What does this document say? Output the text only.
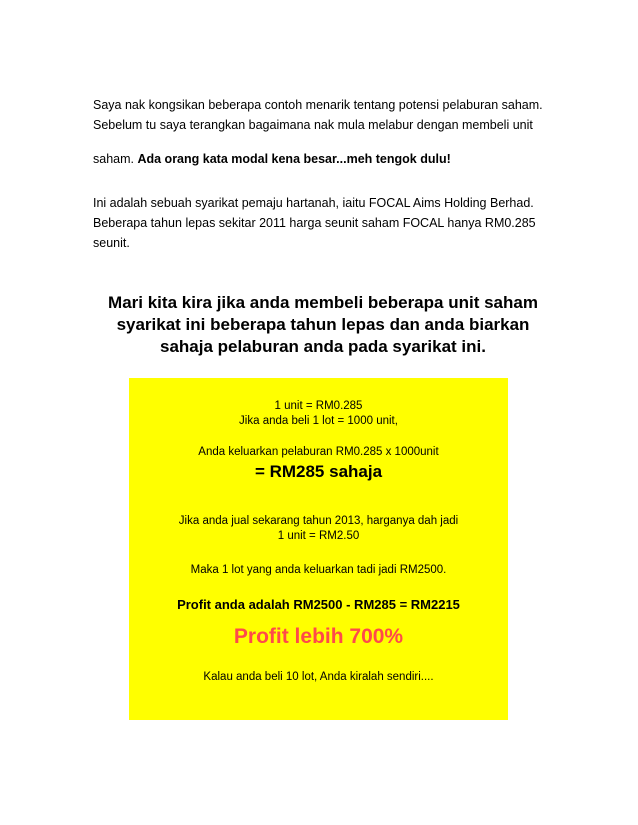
Saya nak kongsikan beberapa contoh menarik tentang potensi pelaburan saham.
Sebelum tu saya terangkan bagaimana nak mula melabur dengan membeli unit
saham. Ada orang kata modal kena besar...meh tengok dulu!
Ini adalah sebuah syarikat pemaju hartanah, iaitu FOCAL Aims Holding Berhad.
Beberapa tahun lepas sekitar 2011 harga seunit saham FOCAL hanya RM0.285
seunit.
Mari kita kira jika anda membeli beberapa unit saham
syarikat ini beberapa tahun lepas dan anda biarkan
sahaja pelaburan anda pada syarikat ini.

1 unit = RM0.285

Jika anda beli 1 lot = 1000 unit,

Anda keluarkan pelaburan RM0.285 x 1000unit

= RM285 sahaja

Jika anda jual sekarang tahun 2013, harganya dah jadi

1 unit = RM2.50

Maka 1 lot yang anda keluarkan tadi jadi RM2500.

Profit anda adalah RM2500 - RM285 = RM2215

Profit lebih 700%

Kalau anda beli 10 lot, Anda kiralah sendiri....
